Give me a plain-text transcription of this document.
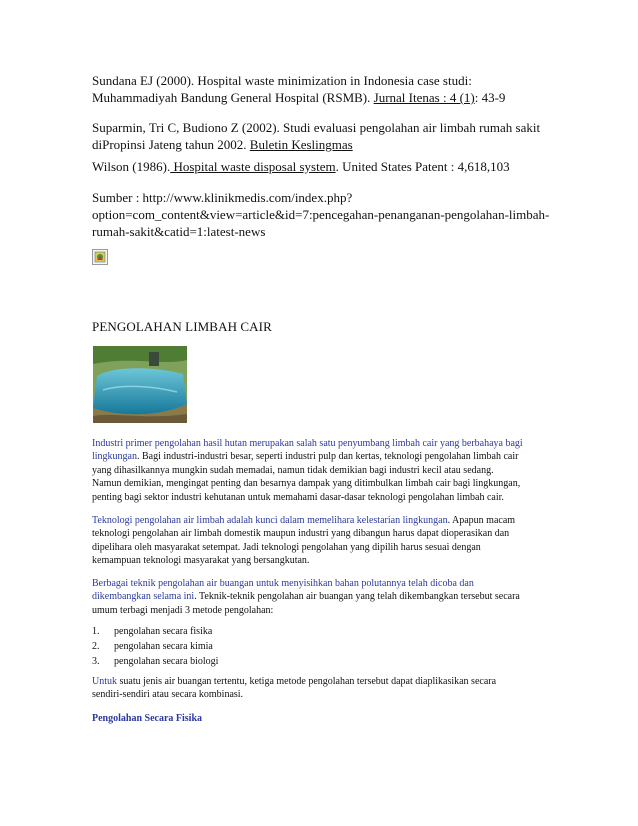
Sundana EJ (2000). Hospital waste minimization in Indonesia case studi:
Muhammadiyah Bandung General Hospital (RSMB). Jurnal Itenas : 4 (1): 43-9
Suparmin, Tri C, Budiono Z (2002). Studi evaluasi pengolahan air limbah rumah sakit
diPropinsi Jateng tahun 2002. Buletin Keslingmas
Wilson (1986). Hospital waste disposal system. United States Patent : 4,618,103
Sumber : http://www.klinikmedis.com/index.php?
option=com_content&view=article&id=7:pencegahan-penanganan-pengolahan-limbah-
rumah-sakit&catid=1:latest-news
PENGOLAHAN LIMBAH CAIR
Industri primer pengolahan hasil hutan merupakan salah satu penyumbang limbah cair yang berbahaya bagi
lingkungan. Bagi industri-industri besar, seperti industri pulp dan kertas, teknologi pengolahan limbah cair
yang dihasilkannya mungkin sudah memadai, namun tidak demikian bagi industri kecil atau sedang.
Namun demikian, mengingat penting dan besarnya dampak yang ditimbulkan limbah cair bagi lingkungan,
penting bagi sektor industri kehutanan untuk memahami dasar-dasar teknologi pengolahan limbah cair.
Teknologi pengolahan air limbah adalah kunci dalam memelihara kelestarian lingkungan. Apapun macam
teknologi pengolahan air limbah domestik maupun industri yang dibangun harus dapat dioperasikan dan
dipelihara oleh masyarakat setempat. Jadi teknologi pengolahan yang dipilih harus sesuai dengan
kemampuan teknologi masyarakat yang bersangkutan.
Berbagai teknik pengolahan air buangan untuk menyisihkan bahan polutannya telah dicoba dan
dikembangkan selama ini. Teknik-teknik pengolahan air buangan yang telah dikembangkan tersebut secara
umum terbagi menjadi 3 metode pengolahan:
1. pengolahan secara fisika
2. pengolahan secara kimia
3. pengolahan secara biologi
Untuk suatu jenis air buangan tertentu, ketiga metode pengolahan tersebut dapat diaplikasikan secara
sendiri-sendiri atau secara kombinasi.
Pengolahan Secara Fisika
